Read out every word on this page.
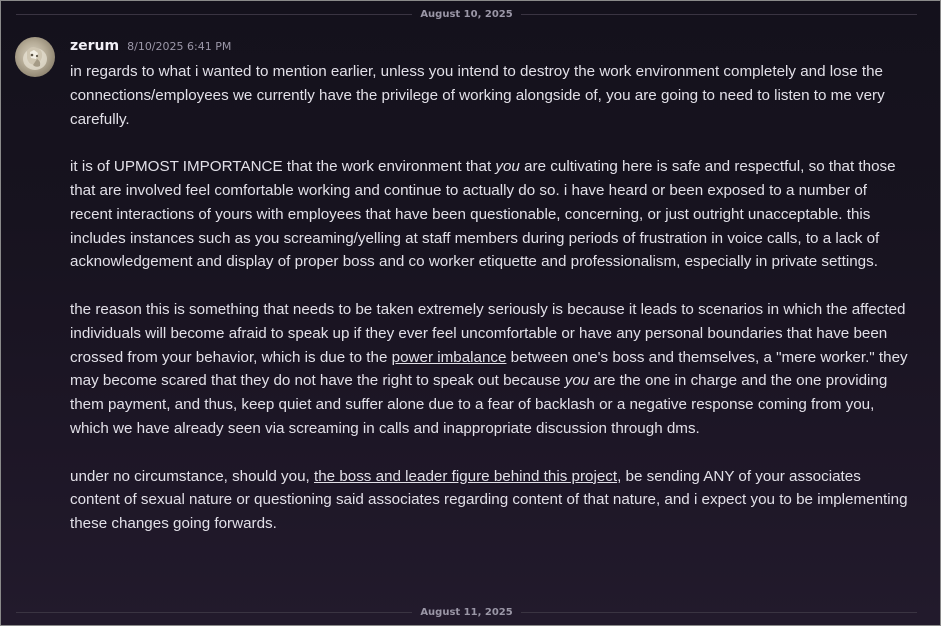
August 10, 2025
zerum 8/10/2025 6:41 PM

in regards to what i wanted to mention earlier, unless you intend to destroy the work environment completely and lose the connections/employees we currently have the privilege of working alongside of, you are going to need to listen to me very carefully.

it is of UPMOST IMPORTANCE that the work environment that you are cultivating here is safe and respectful, so that those that are involved feel comfortable working and continue to actually do so. i have heard or been exposed to a number of recent interactions of yours with employees that have been questionable, concerning, or just outright unacceptable. this includes instances such as you screaming/yelling at staff members during periods of frustration in voice calls, to a lack of acknowledgement and display of proper boss and co worker etiquette and professionalism, especially in private settings.

the reason this is something that needs to be taken extremely seriously is because it leads to scenarios in which the affected individuals will become afraid to speak up if they ever feel uncomfortable or have any personal boundaries that have been crossed from your behavior, which is due to the power imbalance between one's boss and themselves, a "mere worker." they may become scared that they do not have the right to speak out because you are the one in charge and the one providing them payment, and thus, keep quiet and suffer alone due to a fear of backlash or a negative response coming from you, which we have already seen via screaming in calls and inappropriate discussion through dms.

under no circumstance, should you, the boss and leader figure behind this project, be sending ANY of your associates content of sexual nature or questioning said associates regarding content of that nature, and i expect you to be implementing these changes going forwards.

August 11, 2025
